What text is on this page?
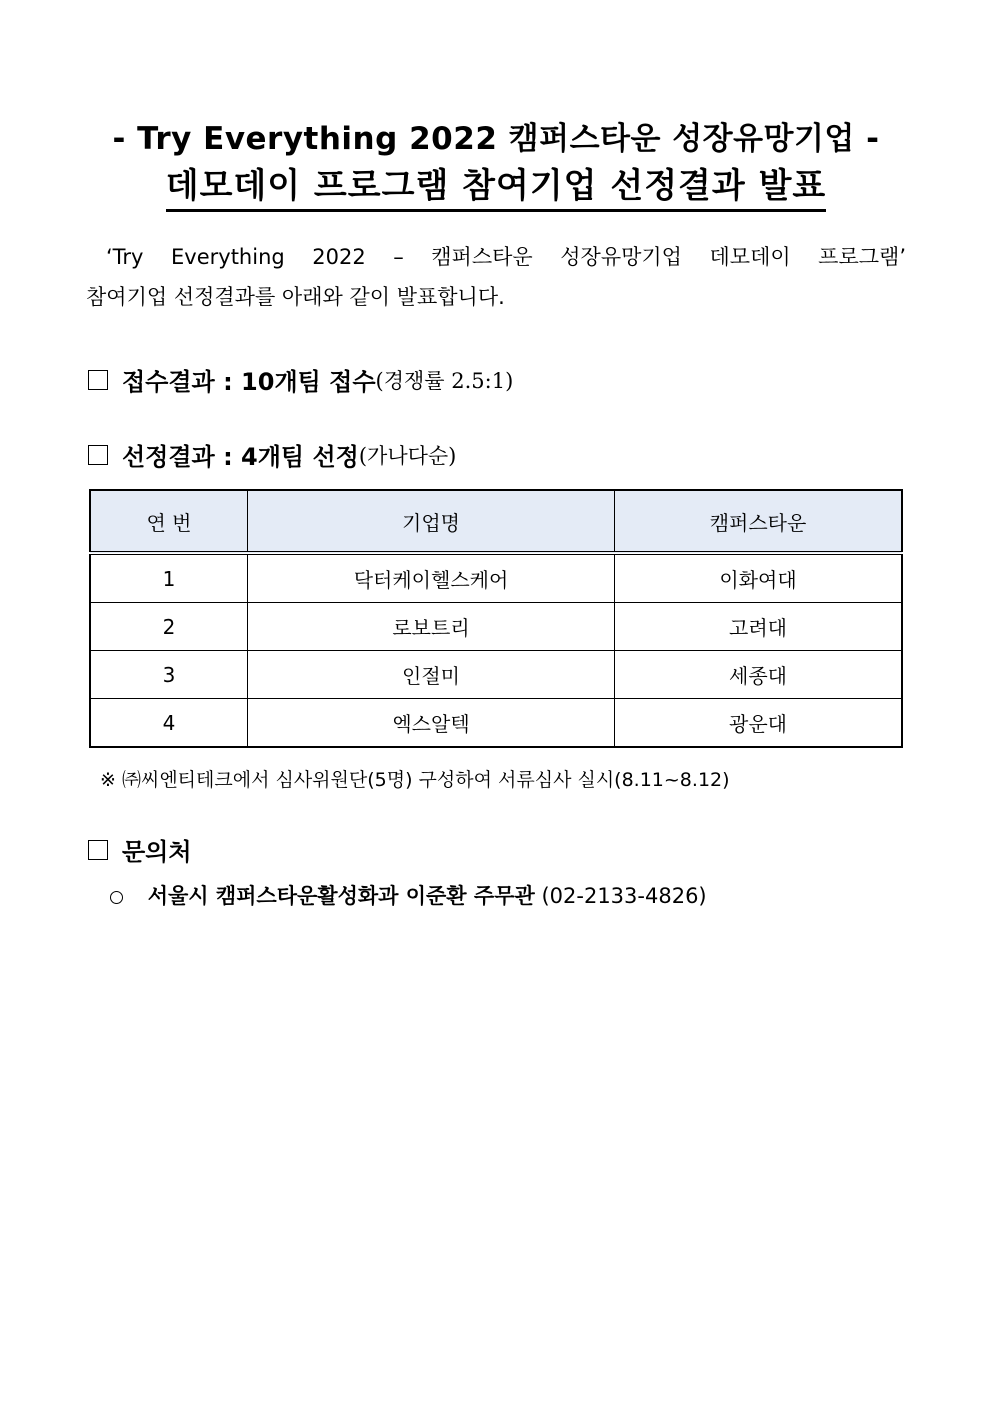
- Try Everything 2022 캠퍼스타운 성장유망기업 -
데모데이 프로그램 참여기업 선정결과 발표
‘Try Everything 2022 – 캠퍼스타운 성장유망기업 데모데이 프로그램’
참여기업 선정결과를 아래와 같이 발표합니다.
접수결과 : 10개팀 접수 (경쟁률 2.5:1)
선정결과 : 4개팀 선정 (가나다순)
연 번	기업명	캠퍼스타운
1	닥터케이헬스케어	이화여대
2	로보트리	고려대
3	인절미	세종대
4	엑스알텍	광운대
※ ㈜씨엔티테크에서 심사위원단(5명) 구성하여 서류심사 실시(8.11~8.12)
문의처
서울시 캠퍼스타운활성화과 이준환 주무관 (02-2133-4826)
